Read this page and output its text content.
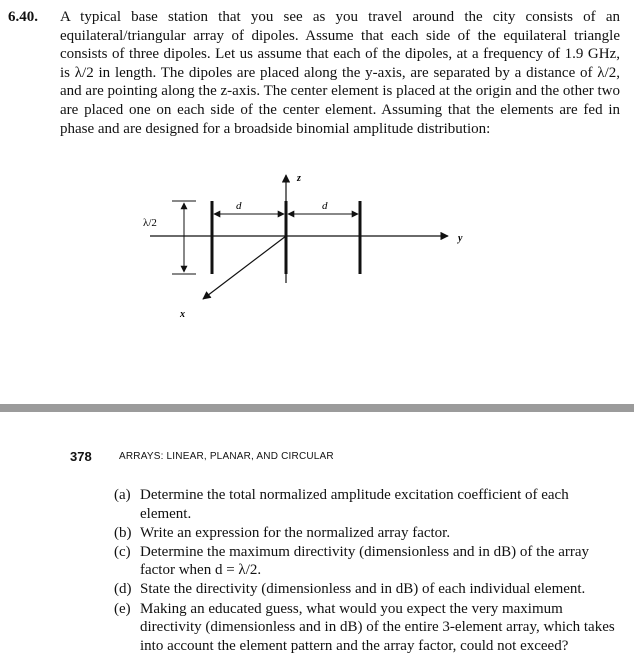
6.40. A typical base station that you see as you travel around the city consists of an equilateral/triangular array of dipoles. Assume that each side of the equilateral triangle consists of three dipoles. Let us assume that each of the dipoles, at a frequency of 1.9 GHz, is λ/2 in length. The dipoles are placed along the y-axis, are separated by a distance of λ/2, and are pointing along the z-axis. The center element is placed at the origin and the other two are placed one on each side of the center element. Assuming that the elements are fed in phase and are designed for a broadside binomial amplitude distribution:

z
y
x
λ/2
d	d
378	ARRAYS: LINEAR, PLANAR, AND CIRCULAR
(a) Determine the total normalized amplitude excitation coefficient of each element.
(b) Write an expression for the normalized array factor.
(c) Determine the maximum directivity (dimensionless and in dB) of the array factor when d = λ/2.
(d) State the directivity (dimensionless and in dB) of each individual element.
(e) Making an educated guess, what would you expect the very maximum directivity (dimensionless and in dB) of the entire 3-element array, which takes into account the element pattern and the array factor, could not exceed?
